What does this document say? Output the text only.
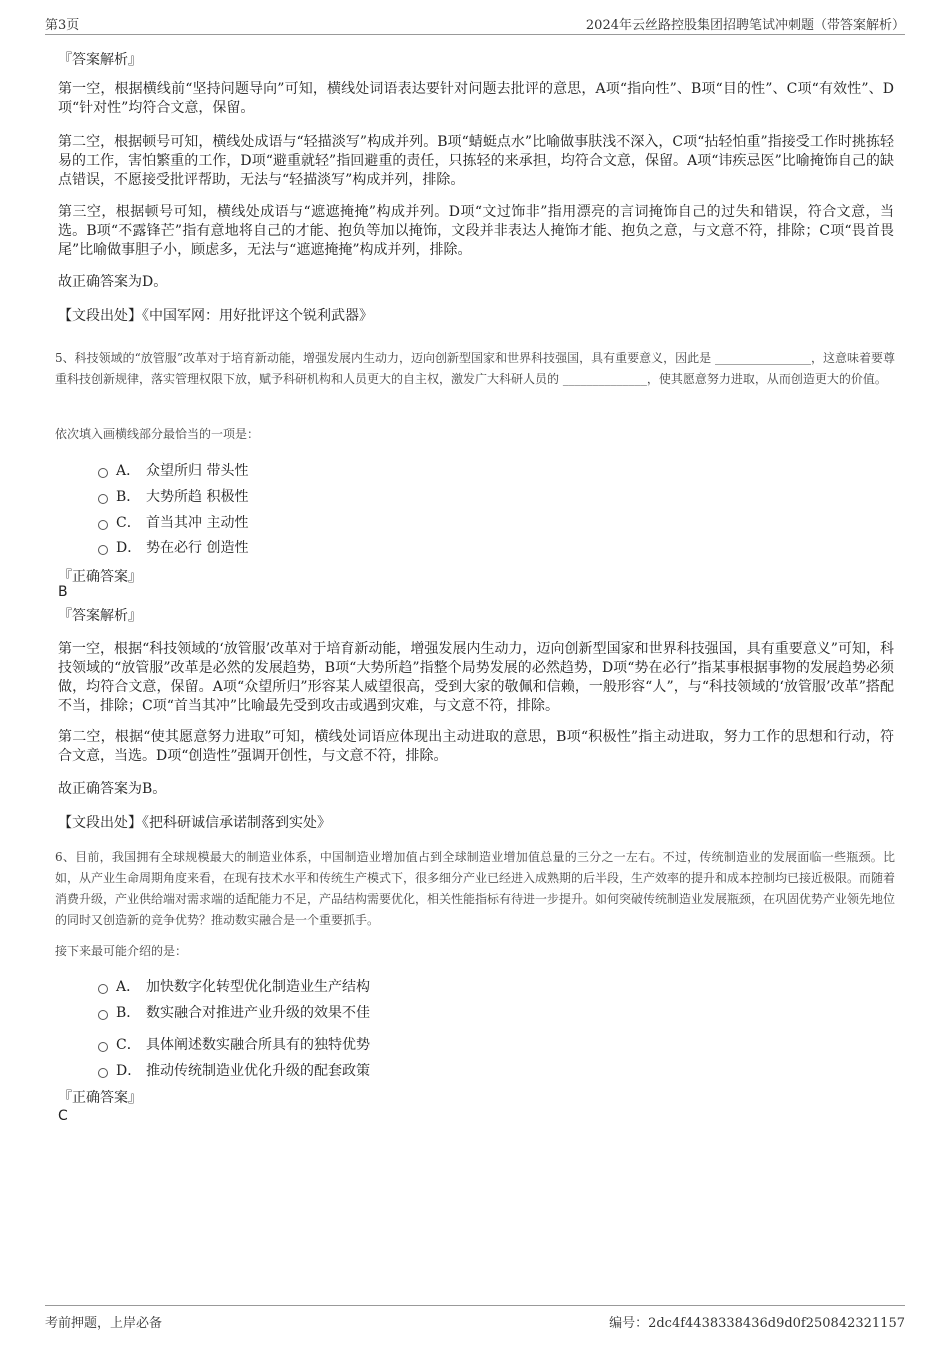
第3页	2024年云丝路控股集团招聘笔试冲刺题（带答案解析）
『答案解析』
第一空，根据横线前“坚持问题导向”可知，横线处词语表达要针对问题去批评的意思，A项“指向性”、B项“目的性”、C项“有效性”、D项“针对性”均符合文意，保留。
第二空，根据顿号可知，横线处成语与“轻描淡写”构成并列。B项“蜻蜓点水”比喻做事肤浅不深入，C项“拈轻怕重”指接受工作时挑拣轻易的工作，害怕繁重的工作，D项“避重就轻”指回避重的责任，只拣轻的来承担，均符合文意，保留。A项“讳疾忌医”比喻掩饰自己的缺点错误，不愿接受批评帮助，无法与“轻描淡写”构成并列，排除。
第三空，根据顿号可知，横线处成语与“遮遮掩掩”构成并列。D项“文过饰非”指用漂亮的言词掩饰自己的过失和错误，符合文意，当选。B项“不露锋芒”指有意地将自己的才能、抱负等加以掩饰，文段并非表达人掩饰才能、抱负之意，与文意不符，排除；C项“畏首畏尾”比喻做事胆子小，顾虑多，无法与“遮遮掩掩”构成并列，排除。
故正确答案为D。
【文段出处】《中国军网：用好批评这个锐利武器》
5、科技领域的“放管服”改革对于培育新动能，增强发展内生动力，迈向创新型国家和世界科技强国，具有重要意义，因此是 ________________，这意味着要尊重科技创新规律，落实管理权限下放，赋予科研机构和人员更大的自主权，激发广大科研人员的 ______________，使其愿意努力进取，从而创造更大的价值。
依次填入画横线部分最恰当的一项是：
A． 众望所归 带头性
B． 大势所趋 积极性
C． 首当其冲 主动性
D． 势在必行 创造性
『正确答案』
B
『答案解析』
第一空，根据“科技领域的‘放管服’改革对于培育新动能，增强发展内生动力，迈向创新型国家和世界科技强国，具有重要意义”可知，科技领域的“放管服”改革是必然的发展趋势，B项“大势所趋”指整个局势发展的必然趋势，D项“势在必行”指某事根据事物的发展趋势必须做，均符合文意，保留。A项“众望所归”形容某人威望很高，受到大家的敬佩和信赖，一般形容“人”，与“科技领域的‘放管服’改革”搭配不当，排除；C项“首当其冲”比喻最先受到攻击或遇到灾难，与文意不符，排除。
第二空，根据“使其愿意努力进取”可知，横线处词语应体现出主动进取的意思，B项“积极性”指主动进取，努力工作的思想和行动，符合文意，当选。D项“创造性”强调开创性，与文意不符，排除。
故正确答案为B。
【文段出处】《把科研诚信承诺制落到实处》
6、目前，我国拥有全球规模最大的制造业体系，中国制造业增加值占到全球制造业增加值总量的三分之一左右。不过，传统制造业的发展面临一些瓶颈。比如，从产业生命周期角度来看，在现有技术水平和传统生产模式下，很多细分产业已经进入成熟期的后半段，生产效率的提升和成本控制均已接近极限。而随着消费升级，产业供给端对需求端的适配能力不足，产品结构需要优化，相关性能指标有待进一步提升。如何突破传统制造业发展瓶颈，在巩固优势产业领先地位的同时又创造新的竞争优势？推动数实融合是一个重要抓手。
接下来最可能介绍的是：
A． 加快数字化转型优化制造业生产结构
B． 数实融合对推进产业升级的效果不佳
C． 具体阐述数实融合所具有的独特优势
D． 推动传统制造业优化升级的配套政策
『正确答案』
C
考前押题，上岸必备	编号：2dc4f4438338436d9d0f250842321157
